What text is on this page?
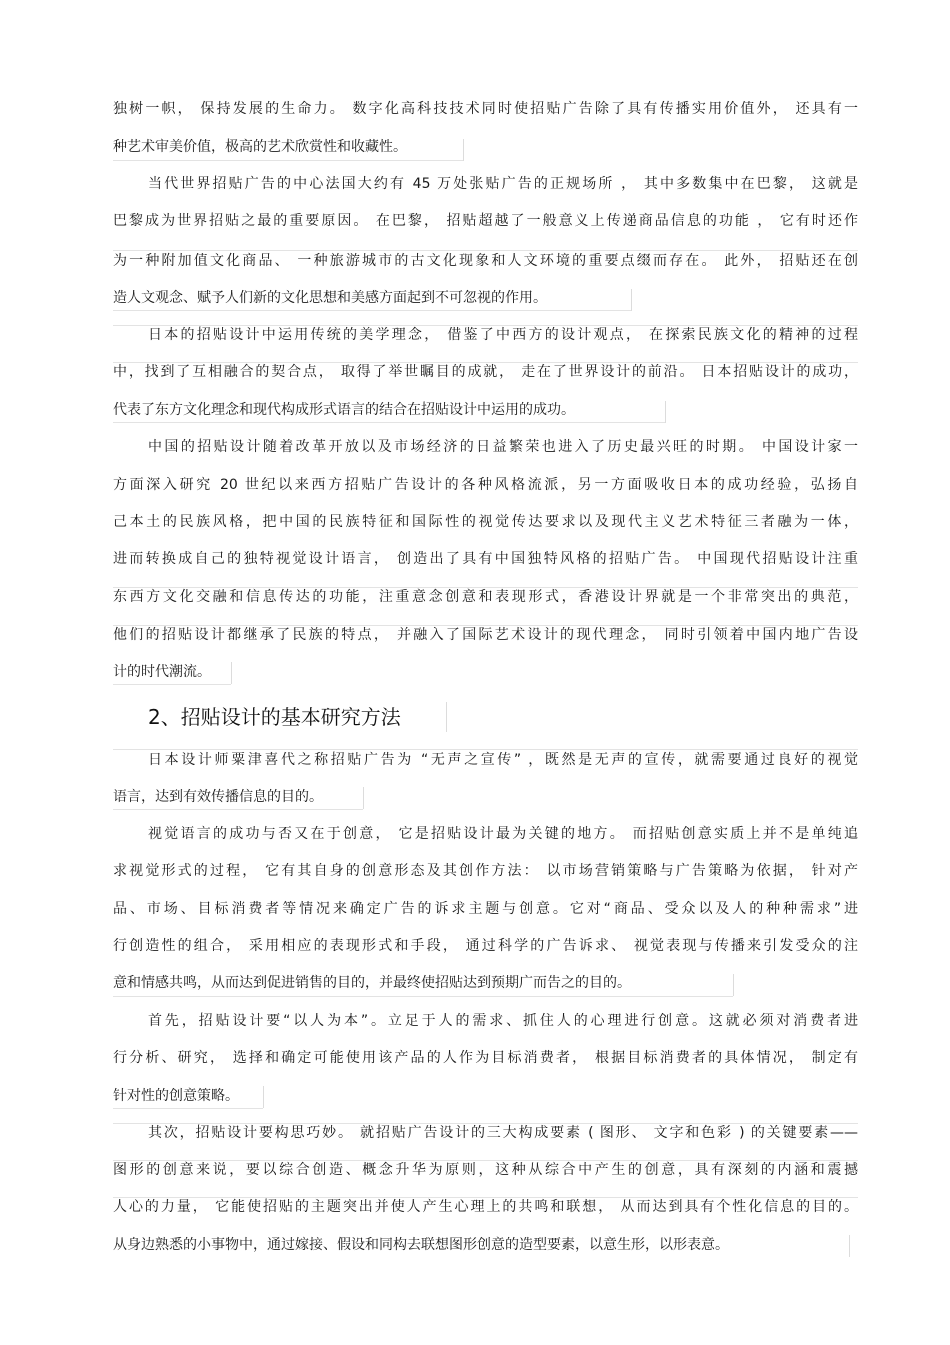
独树一帜， 保持发展的生命力。 数字化高科技技术同时使招贴广告除了具有传播实用价值外， 还具有一
种艺术审美价值，极高的艺术欣赏性和收藏性。
当代世界招贴广告的中心法国大约有 45 万处张贴广告的正规场所 ， 其中多数集中在巴黎， 这就是
巴黎成为世界招贴之最的重要原因。 在巴黎， 招贴超越了一般意义上传递商品信息的功能 ， 它有时还作
为一种附加值文化商品、 一种旅游城市的古文化现象和人文环境的重要点缀而存在。 此外， 招贴还在创
造人文观念、赋予人们新的文化思想和美感方面起到不可忽视的作用。
日本的招贴设计中运用传统的美学理念， 借鉴了中西方的设计观点， 在探索民族文化的精神的过程
中，找到了互相融合的契合点， 取得了举世瞩目的成就， 走在了世界设计的前沿。 日本招贴设计的成功，
代表了东方文化理念和现代构成形式语言的结合在招贴设计中运用的成功。
中国的招贴设计随着改革开放以及市场经济的日益繁荣也进入了历史最兴旺的时期。 中国设计家一
方面深入研究 20 世纪以来西方招贴广告设计的各种风格流派，另一方面吸收日本的成功经验，弘扬自
己本土的民族风格，把中国的民族特征和国际性的视觉传达要求以及现代主义艺术特征三者融为一体，
进而转换成自己的独特视觉设计语言， 创造出了具有中国独特风格的招贴广告。 中国现代招贴设计注重
东西方文化交融和信息传达的功能，注重意念创意和表现形式，香港设计界就是一个非常突出的典范，
他们的招贴设计都继承了民族的特点， 并融入了国际艺术设计的现代理念， 同时引领着中国内地广告设
计的时代潮流。
2、招贴设计的基本研究方法
日本设计师粟津喜代之称招贴广告为 “无声之宣传” ，既然是无声的宣传，就需要通过良好的视觉
语言，达到有效传播信息的目的。
视觉语言的成功与否又在于创意， 它是招贴设计最为关键的地方。 而招贴创意实质上并不是单纯追
求视觉形式的过程， 它有其自身的创意形态及其创作方法： 以市场营销策略与广告策略为依据， 针对产
品、市场、目标消费者等情况来确定广告的诉求主题与创意。它对“商品、受众以及人的种种需求”进
行创造性的组合， 采用相应的表现形式和手段， 通过科学的广告诉求、 视觉表现与传播来引发受众的注
意和情感共鸣，从而达到促进销售的目的，并最终使招贴达到预期广而告之的目的。
首先，招贴设计要“以人为本”。立足于人的需求、抓住人的心理进行创意。这就必须对消费者进
行分析、研究， 选择和确定可能使用该产品的人作为目标消费者， 根据目标消费者的具体情况， 制定有
针对性的创意策略。
其次，招贴设计要构思巧妙。 就招贴广告设计的三大构成要素 ( 图形、 文字和色彩 ) 的关键要素——
图形的创意来说，要以综合创造、概念升华为原则，这种从综合中产生的创意，具有深刻的内涵和震撼
人心的力量， 它能使招贴的主题突出并使人产生心理上的共鸣和联想， 从而达到具有个性化信息的目的。
从身边熟悉的小事物中，通过嫁接、假设和同构去联想图形创意的造型要素，以意生形，以形表意。
